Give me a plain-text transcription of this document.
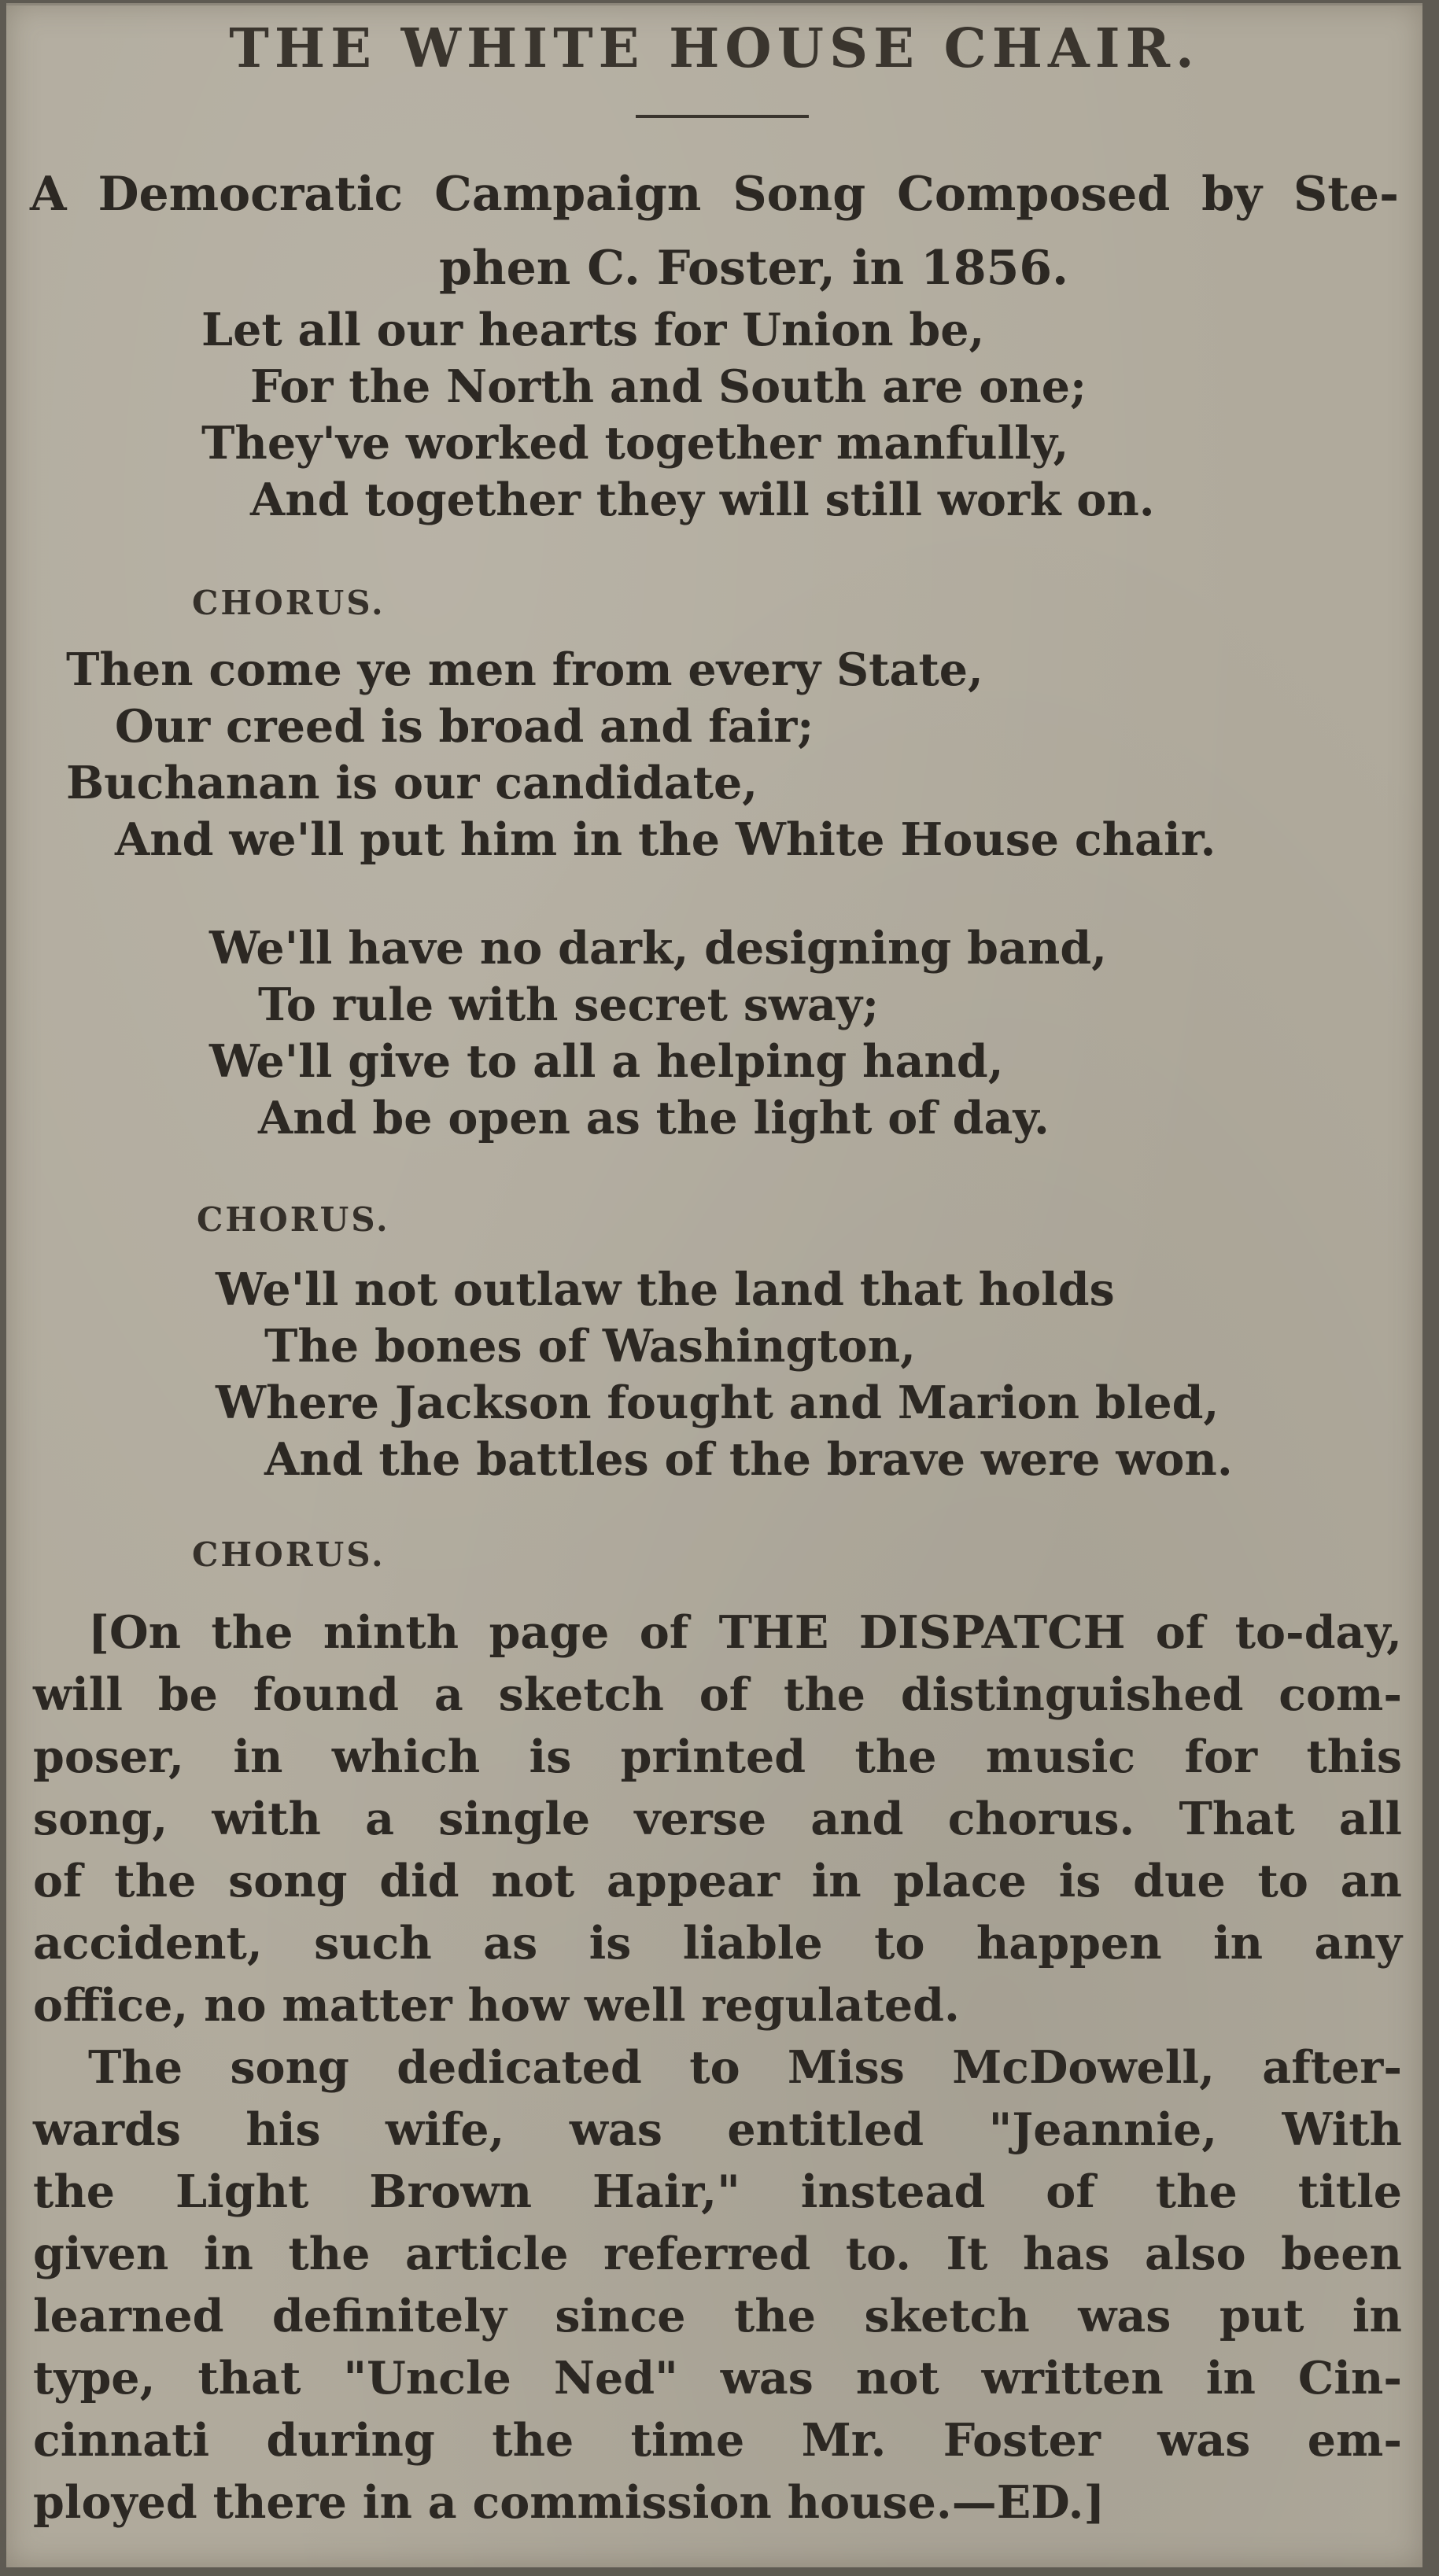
THE WHITE HOUSE CHAIR.
A Democratic Campaign Song Composed by Ste-
phen C. Foster, in 1856.
Let all our hearts for Union be,
For the North and South are one;
They've worked together manfully,
And together they will still work on.
CHORUS.
Then come ye men from every State,
Our creed is broad and fair;
Buchanan is our candidate,
And we'll put him in the White House chair.
We'll have no dark, designing band,
To rule with secret sway;
We'll give to all a helping hand,
And be open as the light of day.
CHORUS.
We'll not outlaw the land that holds
The bones of Washington,
Where Jackson fought and Marion bled,
And the battles of the brave were won.
CHORUS.
[On the ninth page of THE DISPATCH of to-day,
will be found a sketch of the distinguished com-
poser, in which is printed the music for this
song, with a single verse and chorus. That all
of the song did not appear in place is due to an
accident, such as is liable to happen in any
office, no matter how well regulated.
The song dedicated to Miss McDowell, after-
wards his wife, was entitled "Jeannie, With
the Light Brown Hair," instead of the title
given in the article referred to. It has also been
learned definitely since the sketch was put in
type, that "Uncle Ned" was not written in Cin-
cinnati during the time Mr. Foster was em-
ployed there in a commission house.—ED.]
